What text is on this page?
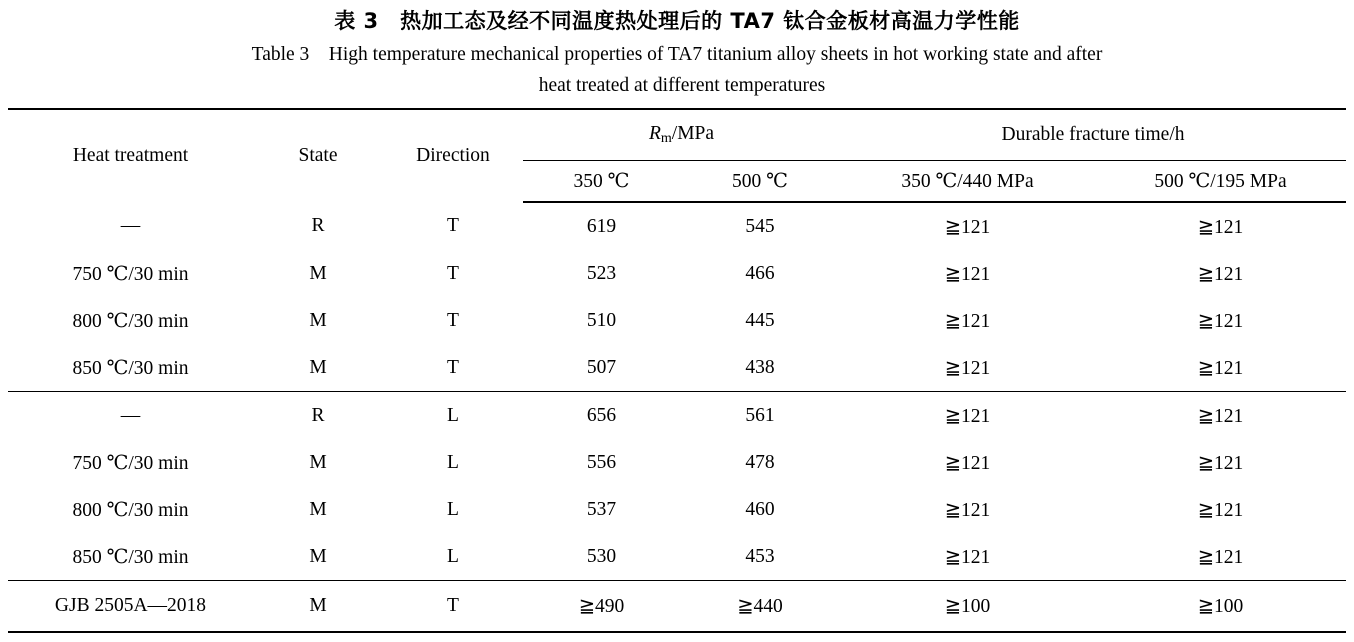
表 3 热加工态及经不同温度热处理后的 TA7 钛合金板材高温力学性能
Table 3 High temperature mechanical properties of TA7 titanium alloy sheets in hot working state and after
heat treated at different temperatures
Heat treatment	State	Direction	$R_m$/MPa		Durable fracture time/h	
			350 ℃	500 ℃	350 ℃/440 MPa	500 ℃/195 MPa
—	R	T	619	545	≧121	≧121
750 ℃/30 min	M	T	523	466	≧121	≧121
800 ℃/30 min	M	T	510	445	≧121	≧121
850 ℃/30 min	M	T	507	438	≧121	≧121
—	R	L	656	561	≧121	≧121
750 ℃/30 min	M	L	556	478	≧121	≧121
800 ℃/30 min	M	L	537	460	≧121	≧121
850 ℃/30 min	M	L	530	453	≧121	≧121
GJB 2505A—2018	M	T	≧490	≧440	≧100	≧100
